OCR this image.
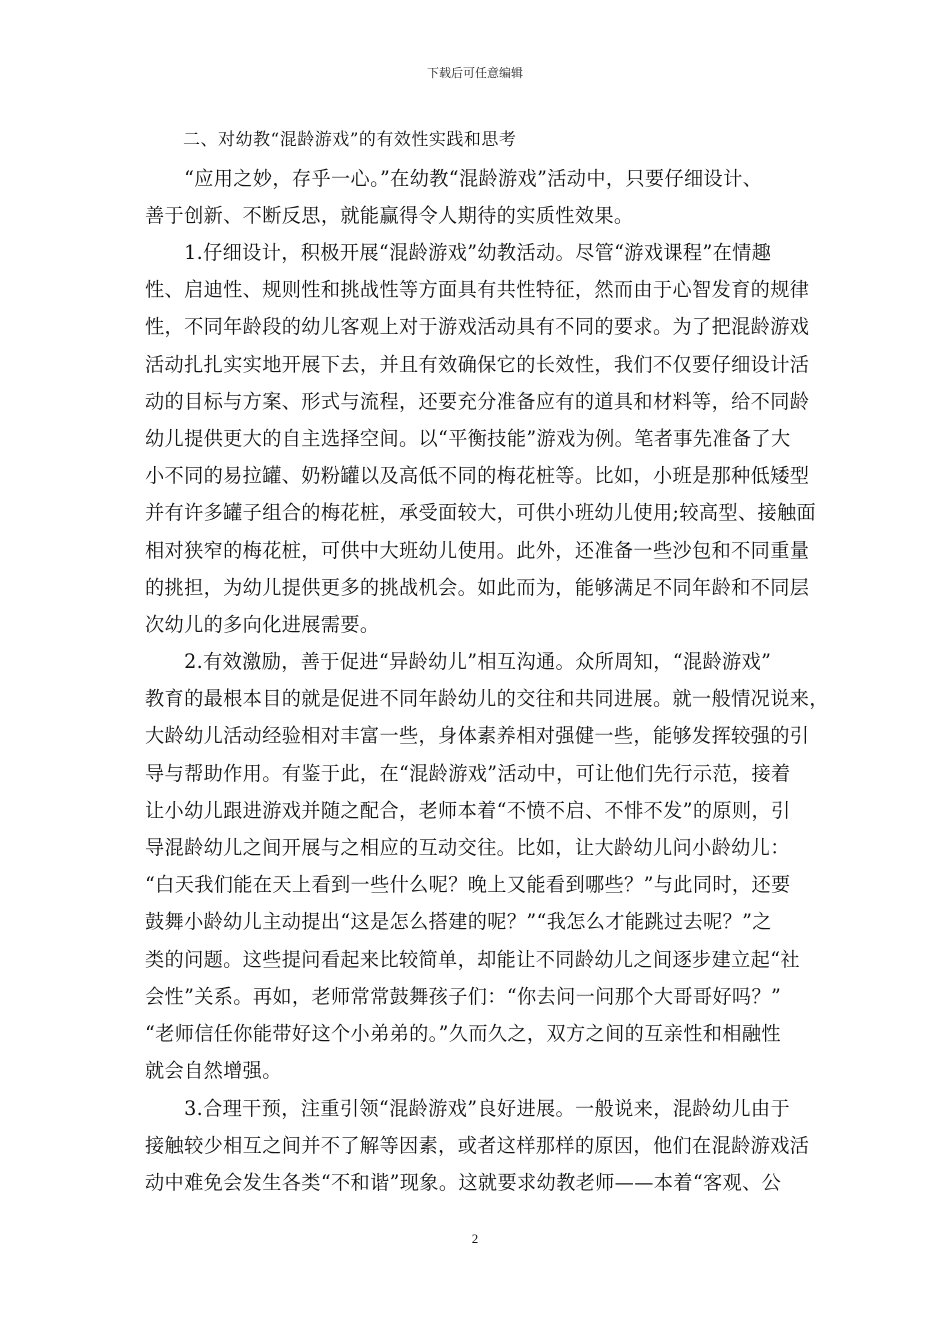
下载后可任意编辑
二、对幼教“混龄游戏”的有效性实践和思考
　　“应用之妙，存乎一心。”在幼教“混龄游戏”活动中，只要仔细设计、
善于创新、不断反思，就能赢得令人期待的实质性效果。
　　1.仔细设计，积极开展“混龄游戏”幼教活动。尽管“游戏课程”在情趣
性、启迪性、规则性和挑战性等方面具有共性特征，然而由于心智发育的规律
性，不同年龄段的幼儿客观上对于游戏活动具有不同的要求。为了把混龄游戏
活动扎扎实实地开展下去，并且有效确保它的长效性，我们不仅要仔细设计活
动的目标与方案、形式与流程，还要充分准备应有的道具和材料等，给不同龄
幼儿提供更大的自主选择空间。以“平衡技能”游戏为例。笔者事先准备了大
小不同的易拉罐、奶粉罐以及高低不同的梅花桩等。比如，小班是那种低矮型
并有许多罐子组合的梅花桩，承受面较大，可供小班幼儿使用;较高型、接触面
相对狭窄的梅花桩，可供中大班幼儿使用。此外，还准备一些沙包和不同重量
的挑担，为幼儿提供更多的挑战机会。如此而为，能够满足不同年龄和不同层
次幼儿的多向化进展需要。
　　2.有效激励，善于促进“异龄幼儿”相互沟通。众所周知，“混龄游戏”
教育的最根本目的就是促进不同年龄幼儿的交往和共同进展。就一般情况说来，
大龄幼儿活动经验相对丰富一些，身体素养相对强健一些，能够发挥较强的引
导与帮助作用。有鉴于此，在“混龄游戏”活动中，可让他们先行示范，接着
让小幼儿跟进游戏并随之配合，老师本着“不愤不启、不悱不发”的原则，引
导混龄幼儿之间开展与之相应的互动交往。比如，让大龄幼儿问小龄幼儿：
“白天我们能在天上看到一些什么呢？晚上又能看到哪些？”与此同时，还要
鼓舞小龄幼儿主动提出“这是怎么搭建的呢？”“我怎么才能跳过去呢？”之
类的问题。这些提问看起来比较简单，却能让不同龄幼儿之间逐步建立起“社
会性”关系。再如，老师常常鼓舞孩子们：“你去问一问那个大哥哥好吗？”
“老师信任你能带好这个小弟弟的。”久而久之，双方之间的互亲性和相融性
就会自然增强。
　　3.合理干预，注重引领“混龄游戏”良好进展。一般说来，混龄幼儿由于
接触较少相互之间并不了解等因素，或者这样那样的原因，他们在混龄游戏活
动中难免会发生各类“不和谐”现象。这就要求幼教老师——本着“客观、公
2
